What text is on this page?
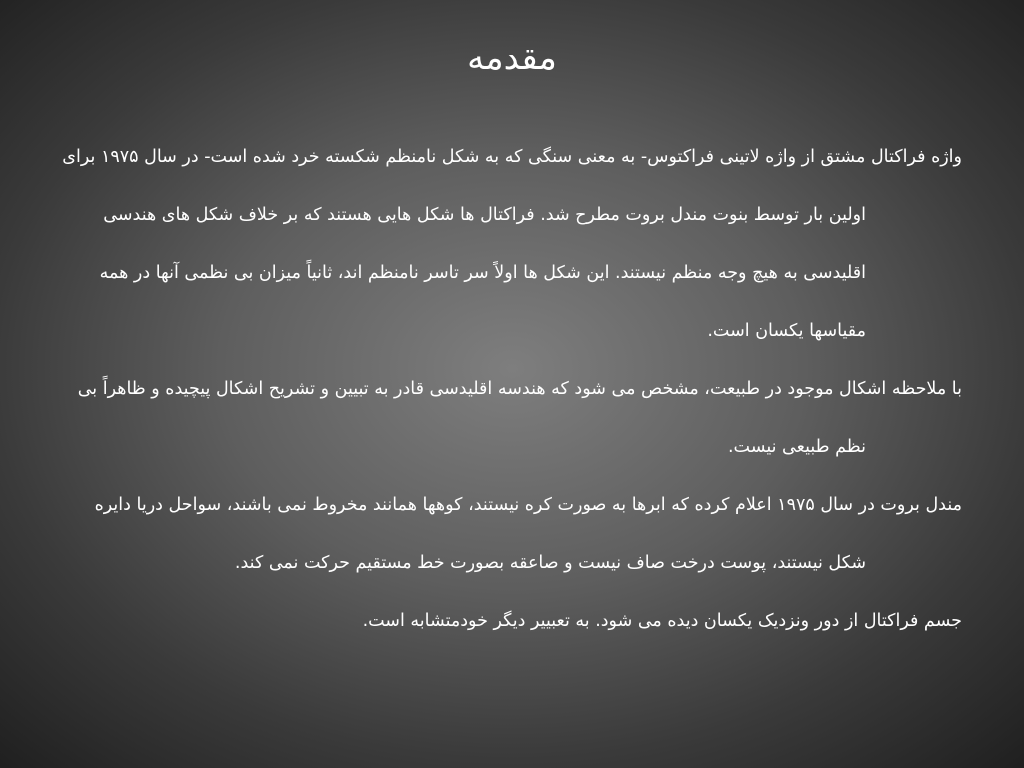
مقدمه

واژه فراکتال مشتق از واژه لاتینی فراکتوس- به معنی سنگی که به شکل نامنظم شکسته خرد شده است- در سال ۱۹۷۵ برای اولین بار توسط بنوت مندل بروت مطرح شد. فراکتال ها شکل هایی هستند که بر خلاف شکل های هندسی اقلیدسی به هیچ وجه منظم نیستند. این شکل ها اولاً سر تاسر نامنظم اند، ثانیاً میزان بی نظمی آنها در همه مقیاسها یکسان است.

با ملاحظه اشکال موجود در طبیعت، مشخص می شود که هندسه اقلیدسی قادر به تبیین و تشریح اشکال پیچیده و ظاهراً بی نظم طبیعی نیست.

مندل بروت در سال ۱۹۷۵ اعلام کرده که ابرها به صورت کره نیستند، کوهها همانند مخروط نمی باشند، سواحل دریا دایره شکل نیستند، پوست درخت صاف نیست و صاعقه بصورت خط مستقیم حرکت نمی کند.

جسم فراکتال از دور ونزدیک یکسان دیده می شود. به تعبییر دیگر خودمتشابه است.
